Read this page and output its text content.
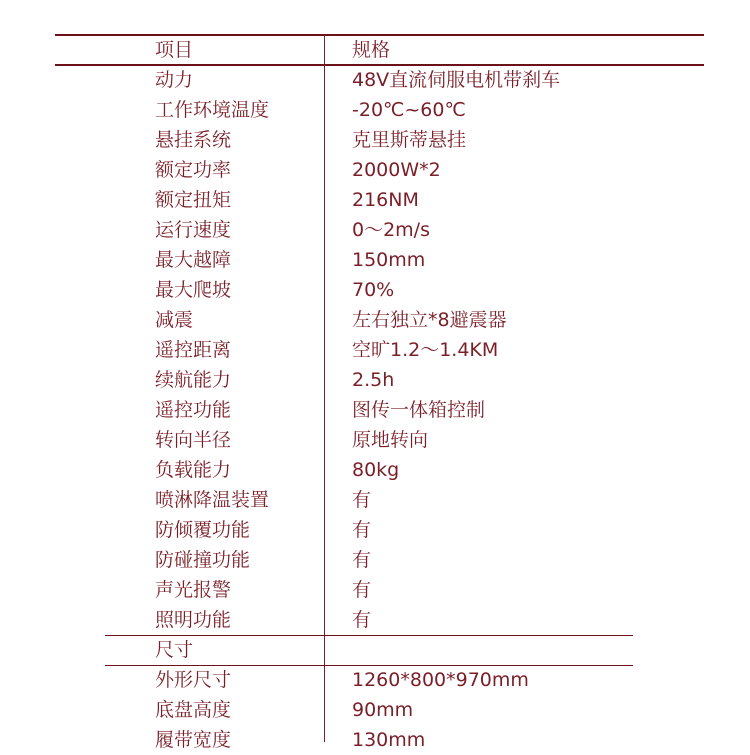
项目	规格
动力	48V直流伺服电机带刹车
工作环境温度	-20℃~60℃
悬挂系统	克里斯蒂悬挂
额定功率	2000W*2
额定扭矩	216NM
运行速度	0～2m/s
最大越障	150mm
最大爬坡	70%
减震	左右独立*8避震器
遥控距离	空旷1.2～1.4KM
续航能力	2.5h
遥控功能	图传一体箱控制
转向半径	原地转向
负载能力	80kg
喷淋降温装置	有
防倾覆功能	有
防碰撞功能	有
声光报警	有
照明功能	有
尺寸
外形尺寸	1260*800*970mm
底盘高度	90mm
履带宽度	130mm
